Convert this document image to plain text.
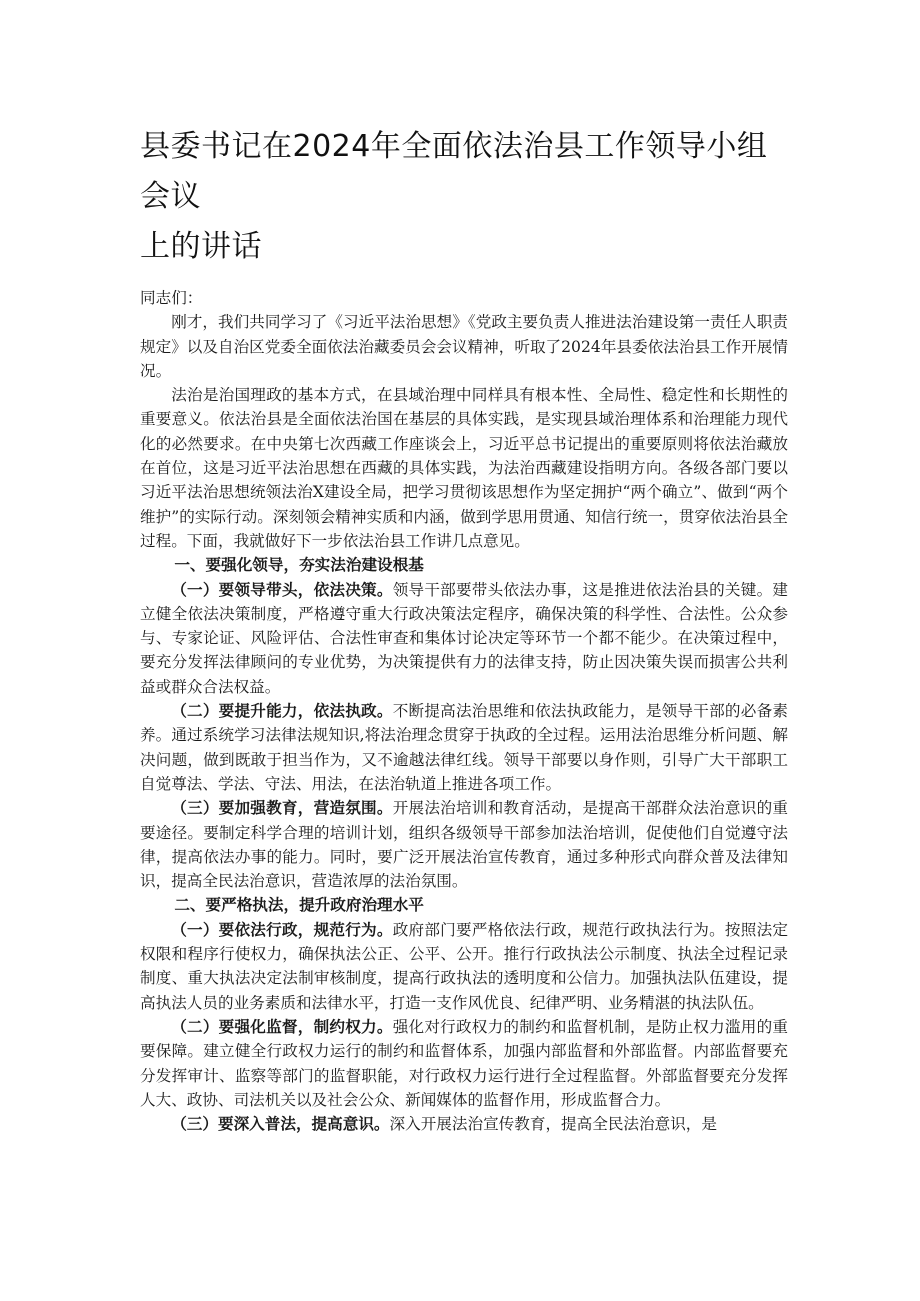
县委书记在2024年全面依法治县工作领导小组会议
上的讲话

同志们：

刚才，我们共同学习了《习近平法治思想》《党政主要负责人推进法治建设第一责任人职责规定》以及自治区党委全面依法治藏委员会会议精神，听取了2024年县委依法治县工作开展情况。

法治是治国理政的基本方式，在县域治理中同样具有根本性、全局性、稳定性和长期性的重要意义。依法治县是全面依法治国在基层的具体实践，是实现县域治理体系和治理能力现代化的必然要求。在中央第七次西藏工作座谈会上，习近平总书记提出的重要原则将依法治藏放在首位，这是习近平法治思想在西藏的具体实践，为法治西藏建设指明方向。各级各部门要以习近平法治思想统领法治X建设全局，把学习贯彻该思想作为坚定拥护“两个确立”、做到“两个维护”的实际行动。深刻领会精神实质和内涵，做到学思用贯通、知信行统一，贯穿依法治县全过程。下面，我就做好下一步依法治县工作讲几点意见。

一、要强化领导，夯实法治建设根基

（一）要领导带头，依法决策。领导干部要带头依法办事，这是推进依法治县的关键。建立健全依法决策制度，严格遵守重大行政决策法定程序，确保决策的科学性、合法性。公众参与、专家论证、风险评估、合法性审查和集体讨论决定等环节一个都不能少。在决策过程中，要充分发挥法律顾问的专业优势，为决策提供有力的法律支持，防止因决策失误而损害公共利益或群众合法权益。

（二）要提升能力，依法执政。不断提高法治思维和依法执政能力，是领导干部的必备素养。通过系统学习法律法规知识,将法治理念贯穿于执政的全过程。运用法治思维分析问题、解决问题，做到既敢于担当作为，又不逾越法律红线。领导干部要以身作则，引导广大干部职工自觉尊法、学法、守法、用法，在法治轨道上推进各项工作。

（三）要加强教育，营造氛围。开展法治培训和教育活动，是提高干部群众法治意识的重要途径。要制定科学合理的培训计划，组织各级领导干部参加法治培训，促使他们自觉遵守法律，提高依法办事的能力。同时，要广泛开展法治宣传教育，通过多种形式向群众普及法律知识，提高全民法治意识，营造浓厚的法治氛围。

二、要严格执法，提升政府治理水平

（一）要依法行政，规范行为。政府部门要严格依法行政，规范行政执法行为。按照法定权限和程序行使权力，确保执法公正、公平、公开。推行行政执法公示制度、执法全过程记录制度、重大执法决定法制审核制度，提高行政执法的透明度和公信力。加强执法队伍建设，提高执法人员的业务素质和法律水平，打造一支作风优良、纪律严明、业务精湛的执法队伍。

（二）要强化监督，制约权力。强化对行政权力的制约和监督机制，是防止权力滥用的重要保障。建立健全行政权力运行的制约和监督体系，加强内部监督和外部监督。内部监督要充分发挥审计、监察等部门的监督职能，对行政权力运行进行全过程监督。外部监督要充分发挥人大、政协、司法机关以及社会公众、新闻媒体的监督作用，形成监督合力。

（三）要深入普法，提高意识。深入开展法治宣传教育，提高全民法治意识，是
